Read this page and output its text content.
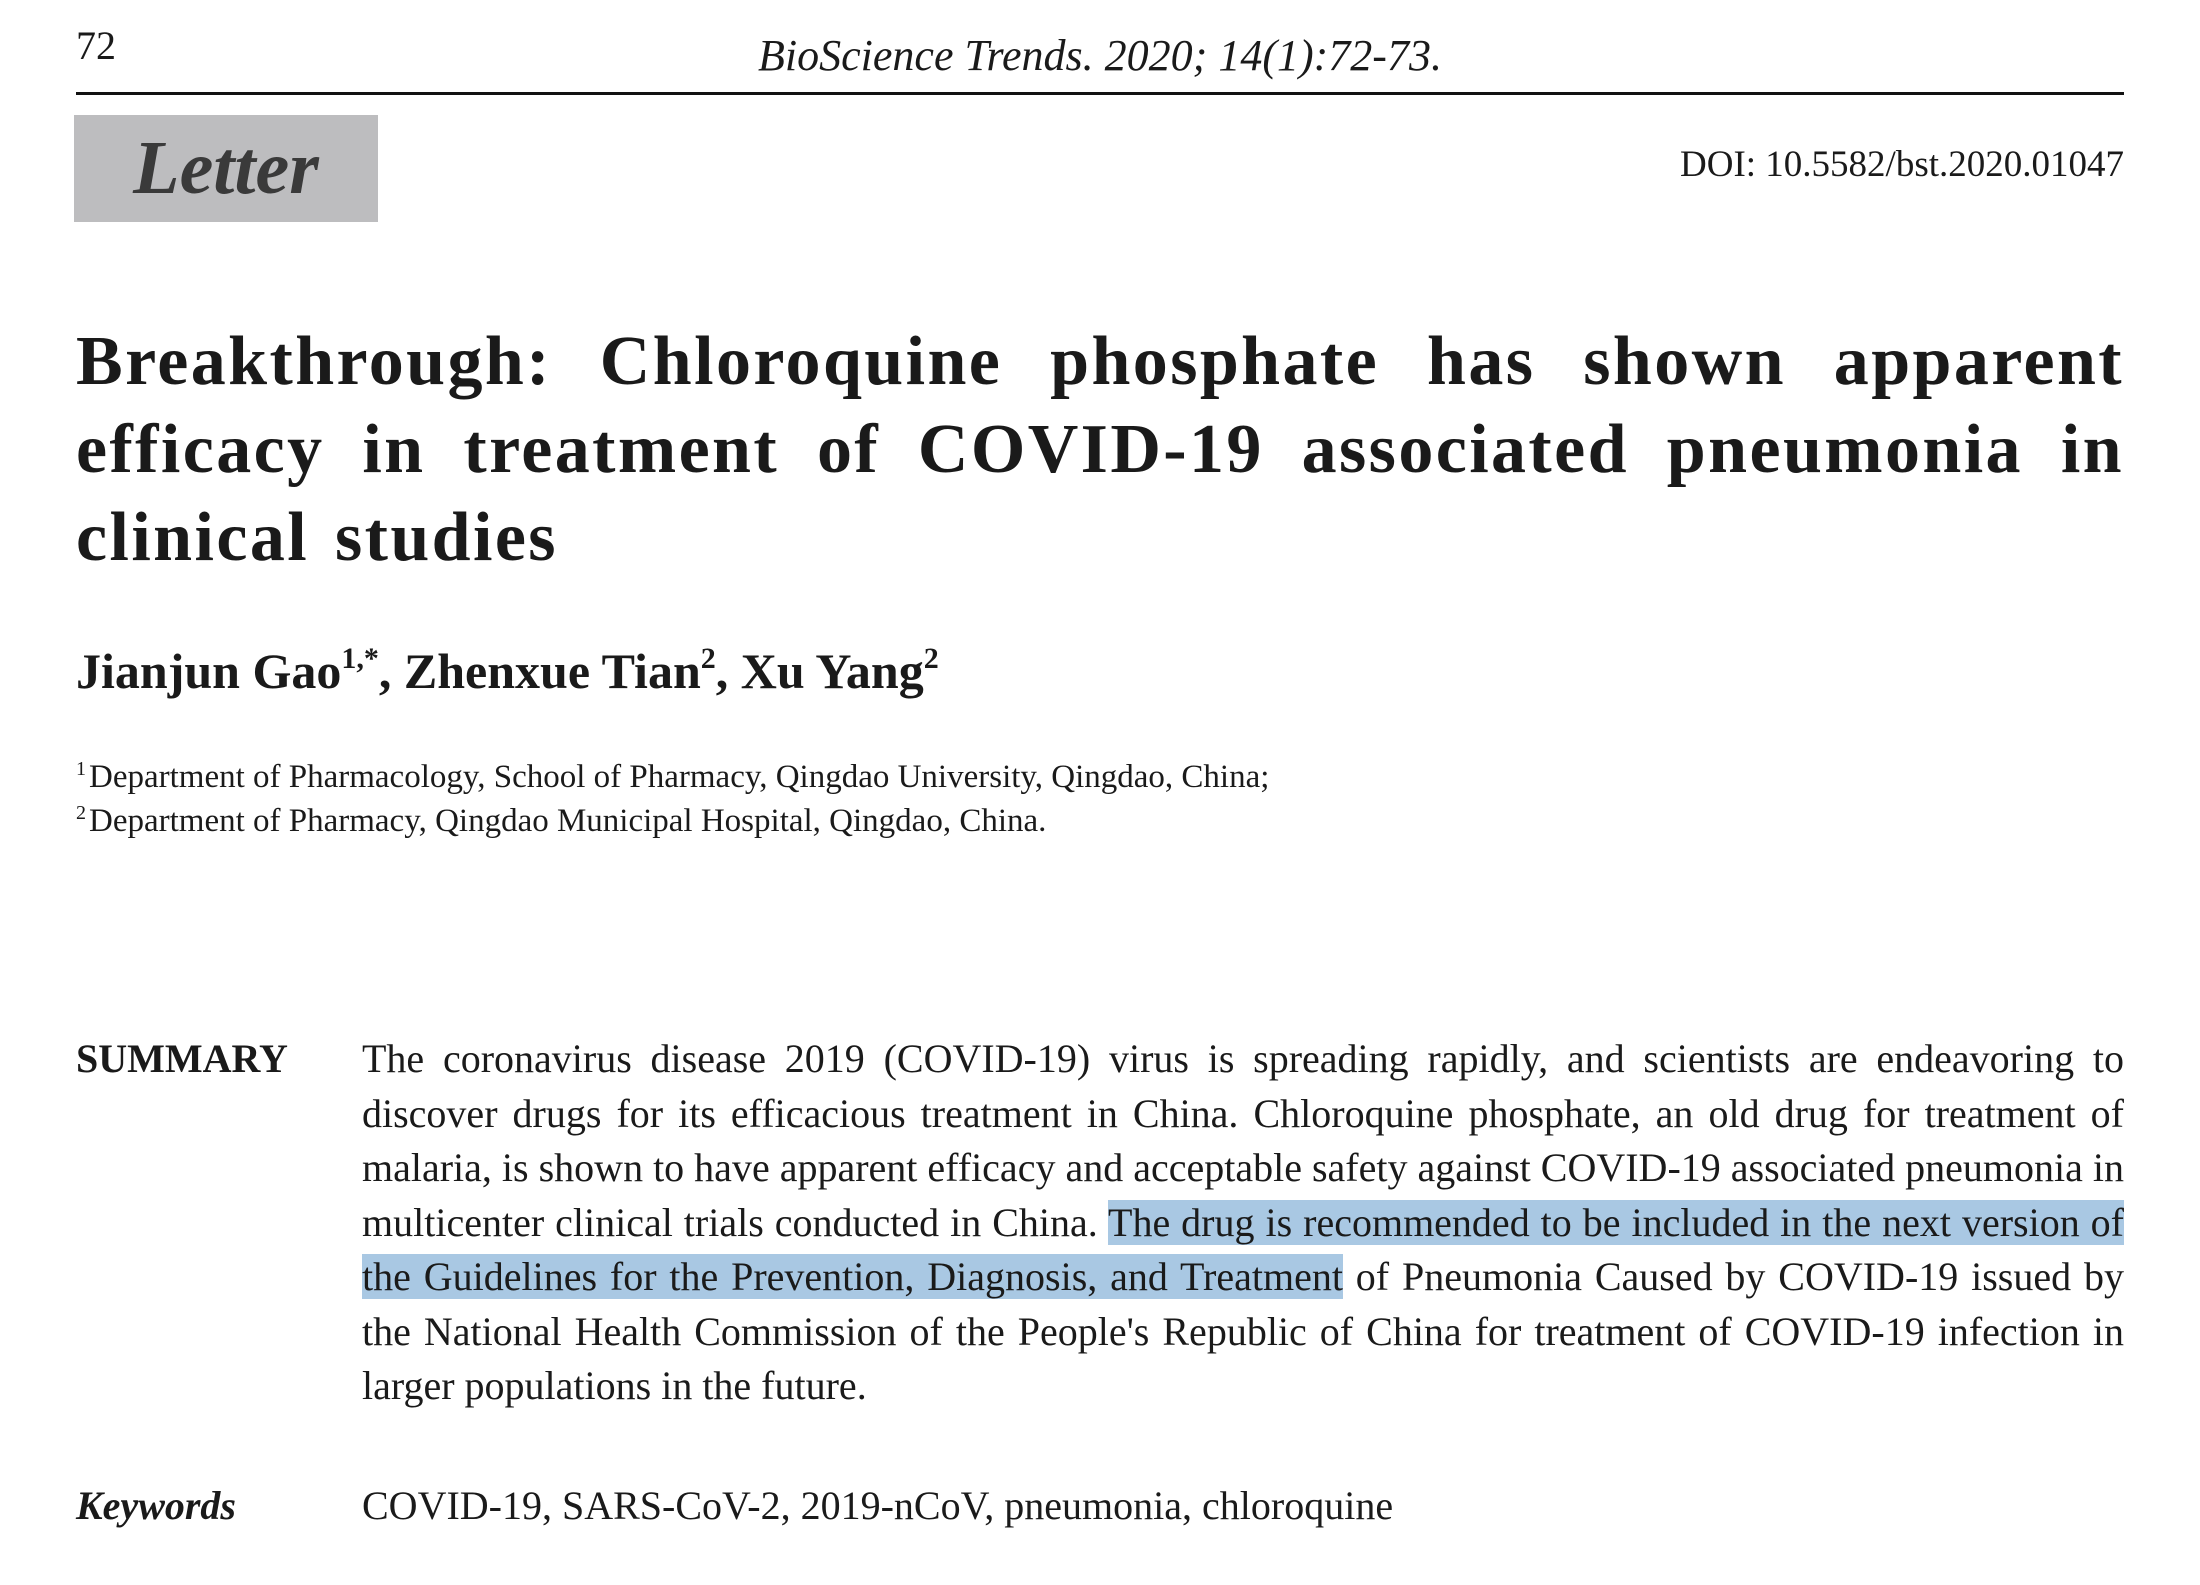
72	BioScience Trends. 2020; 14(1):72-73.
Letter	DOI: 10.5582/bst.2020.01047
Breakthrough: Chloroquine phosphate has shown apparent efficacy in treatment of COVID-19 associated pneumonia in clinical studies
Jianjun Gao$^{1,*}$, Zhenxue Tian$^2$, Xu Yang$^2$
$^1$Department of Pharmacology, School of Pharmacy, Qingdao University, Qingdao, China;
$^2$Department of Pharmacy, Qingdao Municipal Hospital, Qingdao, China.
SUMMARY The coronavirus disease 2019 (COVID-19) virus is spreading rapidly, and scientists are endeavoring to discover drugs for its efficacious treatment in China. Chloroquine phosphate, an old drug for treatment of malaria, is shown to have apparent efficacy and acceptable safety against COVID-19 associated pneumonia in multicenter clinical trials conducted in China. The drug is recommended to be included in the next version of the Guidelines for the Prevention, Diagnosis, and Treatment of Pneumonia Caused by COVID-19 issued by the National Health Commission of the People's Republic of China for treatment of COVID-19 infection in larger populations in the future.

Keywords	COVID-19, SARS-CoV-2, 2019-nCoV, pneumonia, chloroquine
